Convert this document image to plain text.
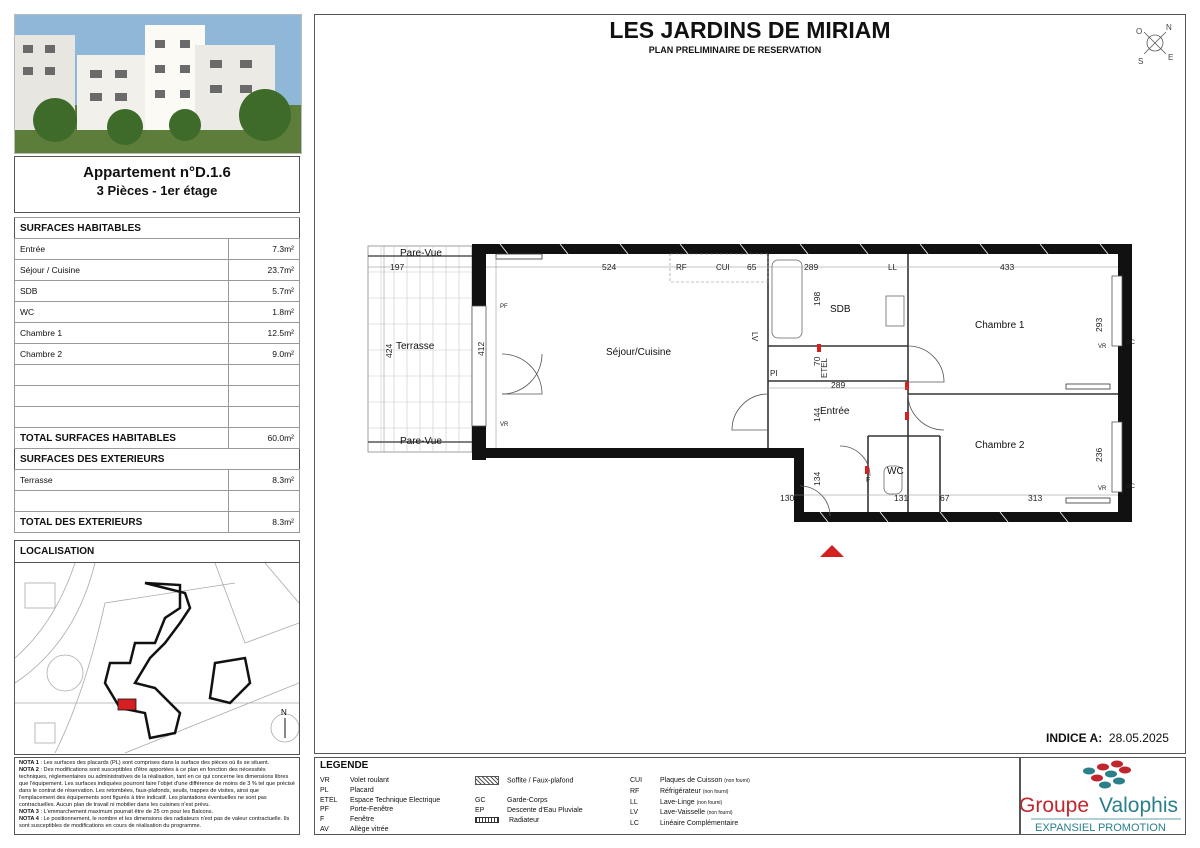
Appartement n°D.1.6
3 Pièces - 1er étage
SURFACES HABITABLES	
Entrée	7.3m²
Séjour / Cuisine	23.7m²
SDB	5.7m²
WC	1.8m²
Chambre 1	12.5m²
Chambre 2	9.0m²

TOTAL SURFACES HABITABLES	60.0m²
SURFACES DES EXTERIEURS	
Terrasse	8.3m²

TOTAL DES EXTERIEURS	8.3m²
LOCALISATION
N
NOTA 1 : Les surfaces des placards (PL) sont comprises dans la surface des pièces où ils se situent.
NOTA 2 : Des modifications sont susceptibles d'être apportées à ce plan en fonction des nécessités techniques, réglementaires ou administratives de la réalisation, tant en ce qui concerne les dimensions libres que l'équipement. Les surfaces indiquées pourront faire l'objet d'une différence de moins de 3 % tel que précisé dans le contrat de réservation. Les retombées, faux-plafonds, seuils, trappes de visites, ainsi que l'emplacement des équipements sont figurés à titre indicatif. Les plantations éventuelles ne sont pas contractuelles. Aucun plan de travail ni mobilier dans les cuisines n'est prévu.
NOTA 3 : L'emmarchement maximum pourrait être de 25 cm pour les Balcons.
NOTA 4 : Le positionnement, le nombre et les dimensions des radiateurs n'est pas de valeur contractuelle. Ils sont susceptibles de modifications en cours de réalisation du programme.
LES JARDINS DE MIRIAM
PLAN PRELIMINAIRE DE RESERVATION
N
E
S
O
197	524	65	289	433
289
130	131	67	313
424	412
198
70
144
293
236
134
RF	CUI	LL
LV
PI	ETEL
PF
VR
VR
GC
VR	GC
F
Séjour/Cuisine
SDB
Chambre 1
Chambre 2
Entrée
WC
Terrasse
Pare-Vue
Pare-Vue
INDICE A: 28.05.2025
LEGENDE
VR	Volet roulant
PL	Placard
ETEL Espace Technique Electrique
PF	Porte-Fenêtre
F	Fenêtre
AV	Allège vitrée
Soffite / Faux-plafond
GC	Garde-Corps
EP	Descente d'Eau Pluviale
Radiateur
CUI	Plaques de Cuisson (non fourni)
RF	Réfrigérateur (non fourni)
LL	Lave-Linge (non fourni)
LV	Lave-Vaisselle (non fourni)
LC	Linéaire Complémentaire
Groupe Valophis
EXPANSIEL PROMOTION
